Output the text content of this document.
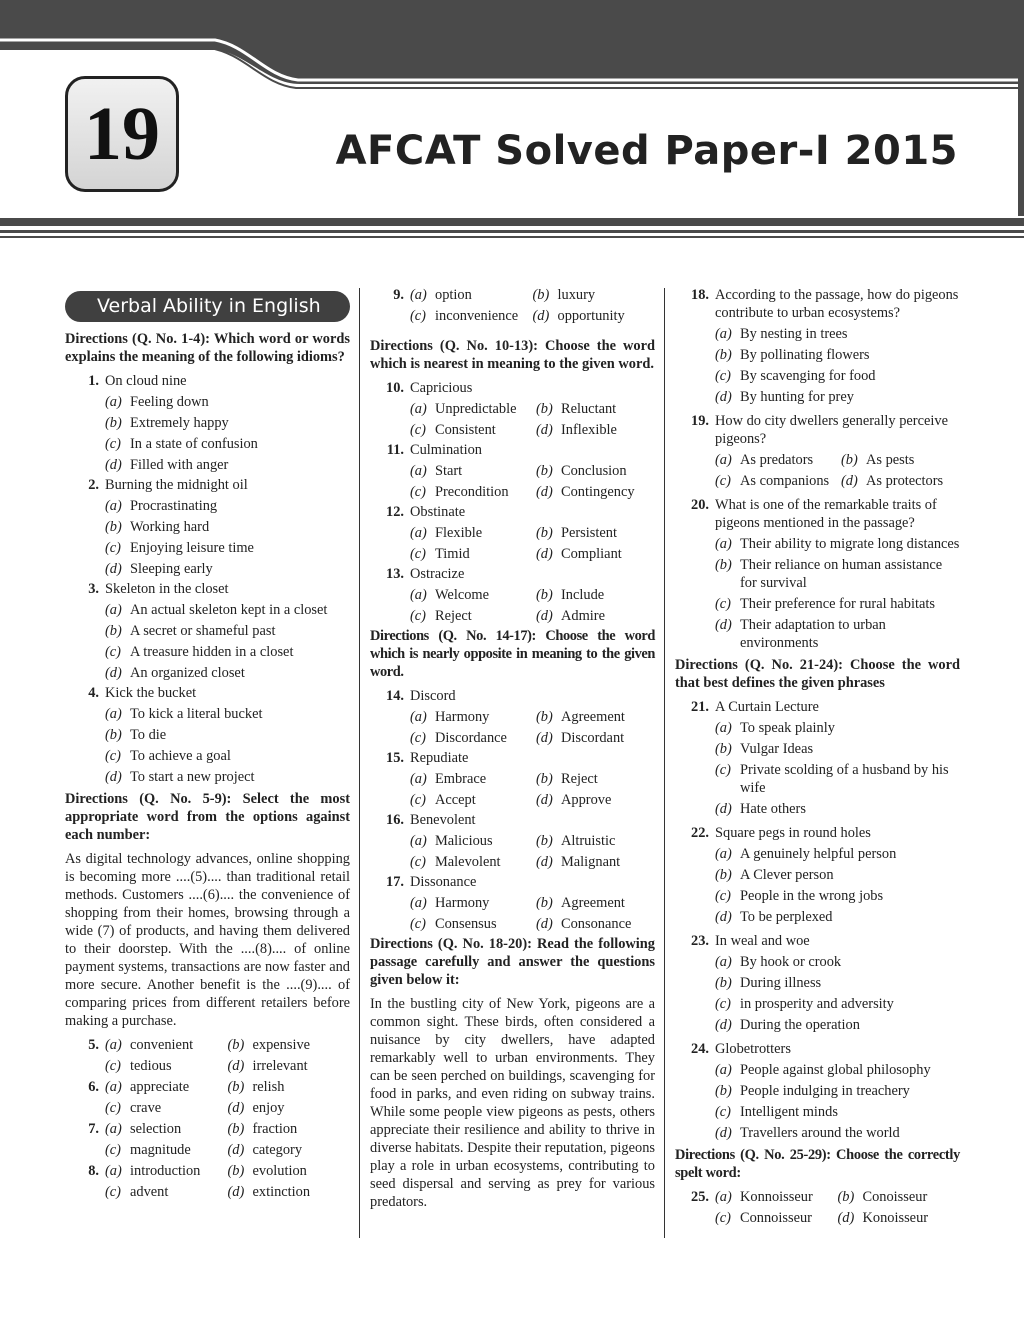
19	AFCAT Solved Paper-I 2015
Verbal Ability in English

Directions (Q. No. 1-4): Which word or words explains the meaning of the following idioms?

1. On cloud nine
(a) Feeling down
(b) Extremely happy
(c) In a state of confusion
(d) Filled with anger
2. Burning the midnight oil
(a) Procrastinating
(b) Working hard
(c) Enjoying leisure time
(d) Sleeping early
3. Skeleton in the closet
(a) An actual skeleton kept in a closet
(b) A secret or shameful past
(c) A treasure hidden in a closet
(d) An organized closet
4. Kick the bucket
(a) To kick a literal bucket
(b) To die
(c) To achieve a goal
(d) To start a new project

Directions (Q. No. 5-9): Select the most appropriate word from the options against each number:

As digital technology advances, online shopping is becoming more ....(5).... than traditional retail methods. Customers ....(6).... the convenience of shopping from their homes, browsing through a wide (7) of products, and having them delivered to their doorstep. With the ....(8).... of online payment systems, transactions are now faster and more secure. Another benefit is the ....(9).... of comparing prices from different retailers before making a purchase.

5. (a) convenient (b) expensive
(c) tedious	(d) irrelevant
6. (a) appreciate	(b) relish
(c) crave	(d) enjoy
7. (a) selection	(b) fraction
(c) magnitude	(d) category
8. (a) introduction (b) evolution
(c) advent	(d) extinction
9. (a) option	(b) luxury
(c) inconvenience (d) opportunity

Directions (Q. No. 10-13): Choose the word which is nearest in meaning to the given word.

10. Capricious
(a) Unpredictable (b) Reluctant
(c) Consistent	(d) Inflexible
11. Culmination
(a) Start	(b) Conclusion
(c) Precondition (d) Contingency
12. Obstinate
(a) Flexible	(b) Persistent
(c) Timid	(d) Compliant
13. Ostracize
(a) Welcome	(b) Include
(c) Reject	(d) Admire

Directions (Q. No. 14-17): Choose the word which is nearly opposite in meaning to the given word.

14. Discord
(a) Harmony	(b) Agreement
(c) Discordance (d) Discordant
15. Repudiate
(a) Embrace	(b) Reject
(c) Accept	(d) Approve
16. Benevolent
(a) Malicious	(b) Altruistic
(c) Malevolent (d) Malignant
17. Dissonance
(a) Harmony	(b) Agreement
(c) Consensus	(d) Consonance

Directions (Q. No. 18-20): Read the following passage carefully and answer the questions given below it:

In the bustling city of New York, pigeons are a common sight. These birds, often considered a nuisance by city dwellers, have adapted remarkably well to urban environments. They can be seen perched on buildings, scavenging for food in parks, and even riding on subway trains. While some people view pigeons as pests, others appreciate their resilience and ability to thrive in diverse habitats. Despite their reputation, pigeons play a role in urban ecosystems, contributing to seed dispersal and serving as prey for various predators.

18. According to the passage, how do pigeons contribute to urban ecosystems?
(a) By nesting in trees
(b) By pollinating flowers
(c) By scavenging for food
(d) By hunting for prey
19. How do city dwellers generally perceive pigeons?
(a) As predators (b) As pests
(c) As companions (d) As protectors
20. What is one of the remarkable traits of pigeons mentioned in the passage?
(a) Their ability to migrate long distances
(b) Their reliance on human assistance for survival
(c) Their preference for rural habitats
(d) Their adaptation to urban environments

Directions (Q. No. 21-24): Choose the word that best defines the given phrases

21. A Curtain Lecture
(a) To speak plainly
(b) Vulgar Ideas
(c) Private scolding of a husband by his wife
(d) Hate others
22. Square pegs in round holes
(a) A genuinely helpful person
(b) A Clever person
(c) People in the wrong jobs
(d) To be perplexed
23. In weal and woe
(a) By hook or crook
(b) During illness
(c) in prosperity and adversity
(d) During the operation
24. Globetrotters
(a) People against global philosophy
(b) People indulging in treachery
(c) Intelligent minds
(d) Travellers around the world

Directions (Q. No. 25-29): Choose the correctly spelt word:

25. (a) Konnoisseur (b) Conoisseur
(c) Connoisseur (d) Konoisseur
